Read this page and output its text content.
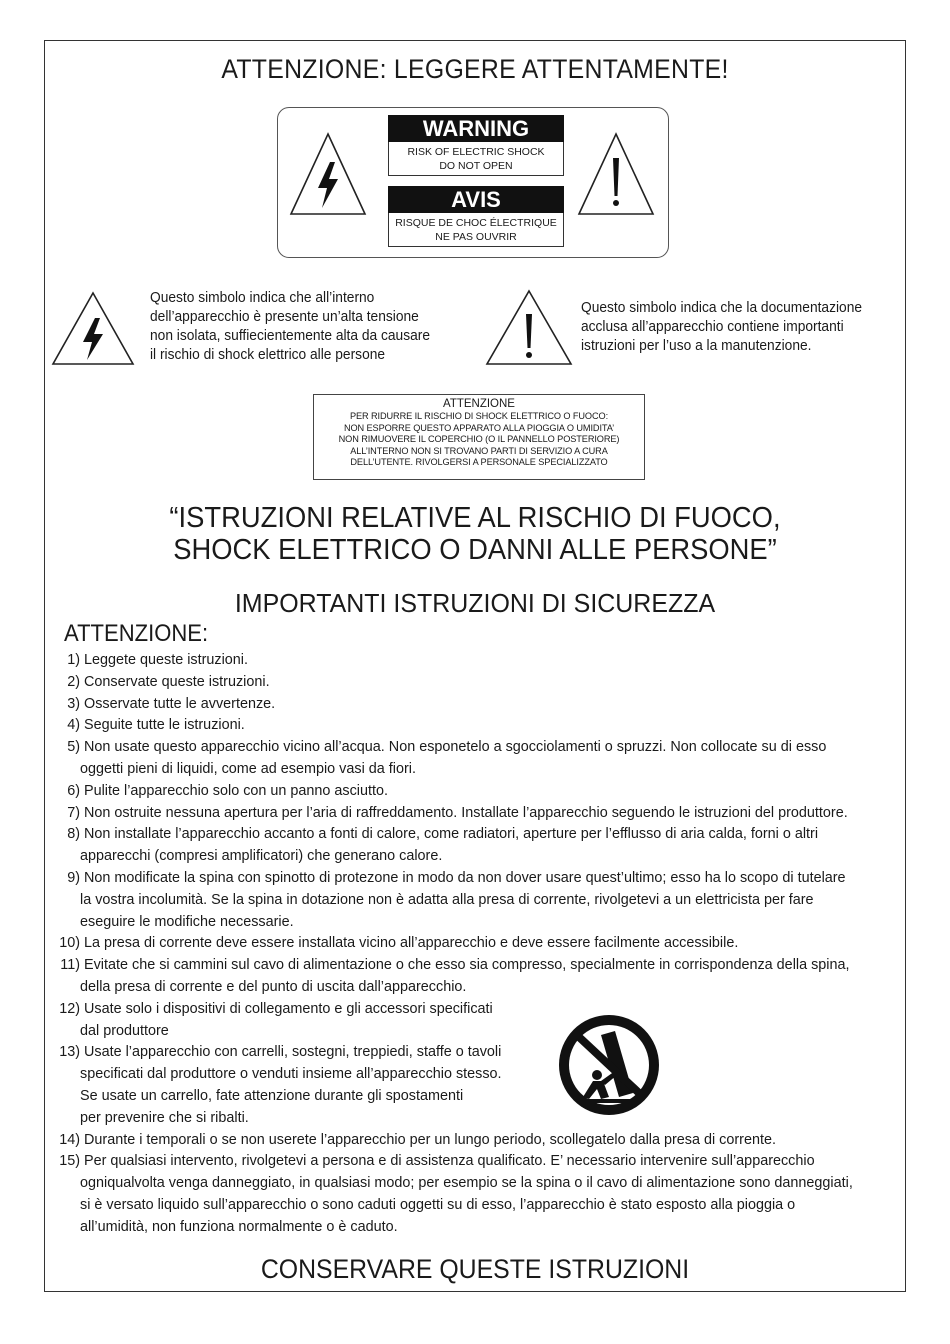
ATTENZIONE: LEGGERE ATTENTAMENTE!
WARNING
RISK OF ELECTRIC SHOCK
DO NOT OPEN
AVIS
RISQUE DE CHOC ÉLECTRIQUE
NE PAS OUVRIR
Questo simbolo indica che all’interno
dell’apparecchio è presente un’alta tensione
non isolata, suffiecientemente alta da causare
il rischio di shock elettrico alle persone
Questo simbolo indica che la documentazione
acclusa all’apparecchio contiene importanti
istruzioni per l’uso a la manutenzione.
ATTENZIONE
PER RIDURRE IL RISCHIO DI SHOCK ELETTRICO O FUOCO:
NON ESPORRE QUESTO APPARATO ALLA PIOGGIA O UMIDITA’
NON RIMUOVERE IL COPERCHIO (O IL PANNELLO POSTERIORE)
ALL’INTERNO NON SI TROVANO PARTI DI SERVIZIO A CURA
DELL’UTENTE. RIVOLGERSI A PERSONALE SPECIALIZZATO
“ISTRUZIONI RELATIVE AL RISCHIO DI FUOCO,
SHOCK ELETTRICO O DANNI ALLE PERSONE”
IMPORTANTI ISTRUZIONI DI SICUREZZA
ATTENZIONE:
1) Leggete queste istruzioni.
2) Conservate queste istruzioni.
3) Osservate tutte le avvertenze.
4) Seguite tutte le istruzioni.
5) Non usate questo apparecchio vicino all’acqua. Non esponetelo a sgocciolamenti o spruzzi. Non collocate su di esso
oggetti pieni di liquidi, come ad esempio vasi da fiori.
6) Pulite l’apparecchio solo con un panno asciutto.
7) Non ostruite nessuna apertura per l’aria di raffreddamento. Installate l’apparecchio seguendo le istruzioni del produttore.
8) Non installate l’apparecchio accanto a fonti di calore, come radiatori, aperture per l’efflusso di aria calda, forni o altri
apparecchi (compresi amplificatori) che generano calore.
9) Non modificate la spina con spinotto di protezone in modo da non dover usare quest’ultimo; esso ha lo scopo di tutelare
la vostra incolumità. Se la spina in dotazione non è adatta alla presa di corrente, rivolgetevi a un elettricista per fare
eseguire le modifiche necessarie.
10) La presa di corrente deve essere installata vicino all’apparecchio e deve essere facilmente accessibile.
11) Evitate che si cammini sul cavo di alimentazione o che esso sia compresso, specialmente in corrispondenza della spina,
della presa di corrente e del punto di uscita dall’apparecchio.
12) Usate solo i dispositivi di collegamento e gli accessori specificati
dal produttore
13) Usate l’apparecchio con carrelli, sostegni, treppiedi, staffe o tavoli
specificati dal produttore o venduti insieme all’apparecchio stesso.
Se usate un carrello, fate attenzione durante gli spostamenti
per prevenire che si ribalti.
14) Durante i temporali o se non userete l’apparecchio per un lungo periodo, scollegatelo dalla presa di corrente.
15) Per qualsiasi intervento, rivolgetevi a persona e di assistenza qualificato. E’ necessario intervenire sull’apparecchio
ogniqualvolta venga danneggiato, in qualsiasi modo; per esempio se la spina o il cavo di alimentazione sono danneggiati,
si è versato liquido sull’apparecchio o sono caduti oggetti su di esso, l’apparecchio è stato esposto alla pioggia o
all’umidità, non funziona normalmente o è caduto.
CONSERVARE QUESTE ISTRUZIONI
